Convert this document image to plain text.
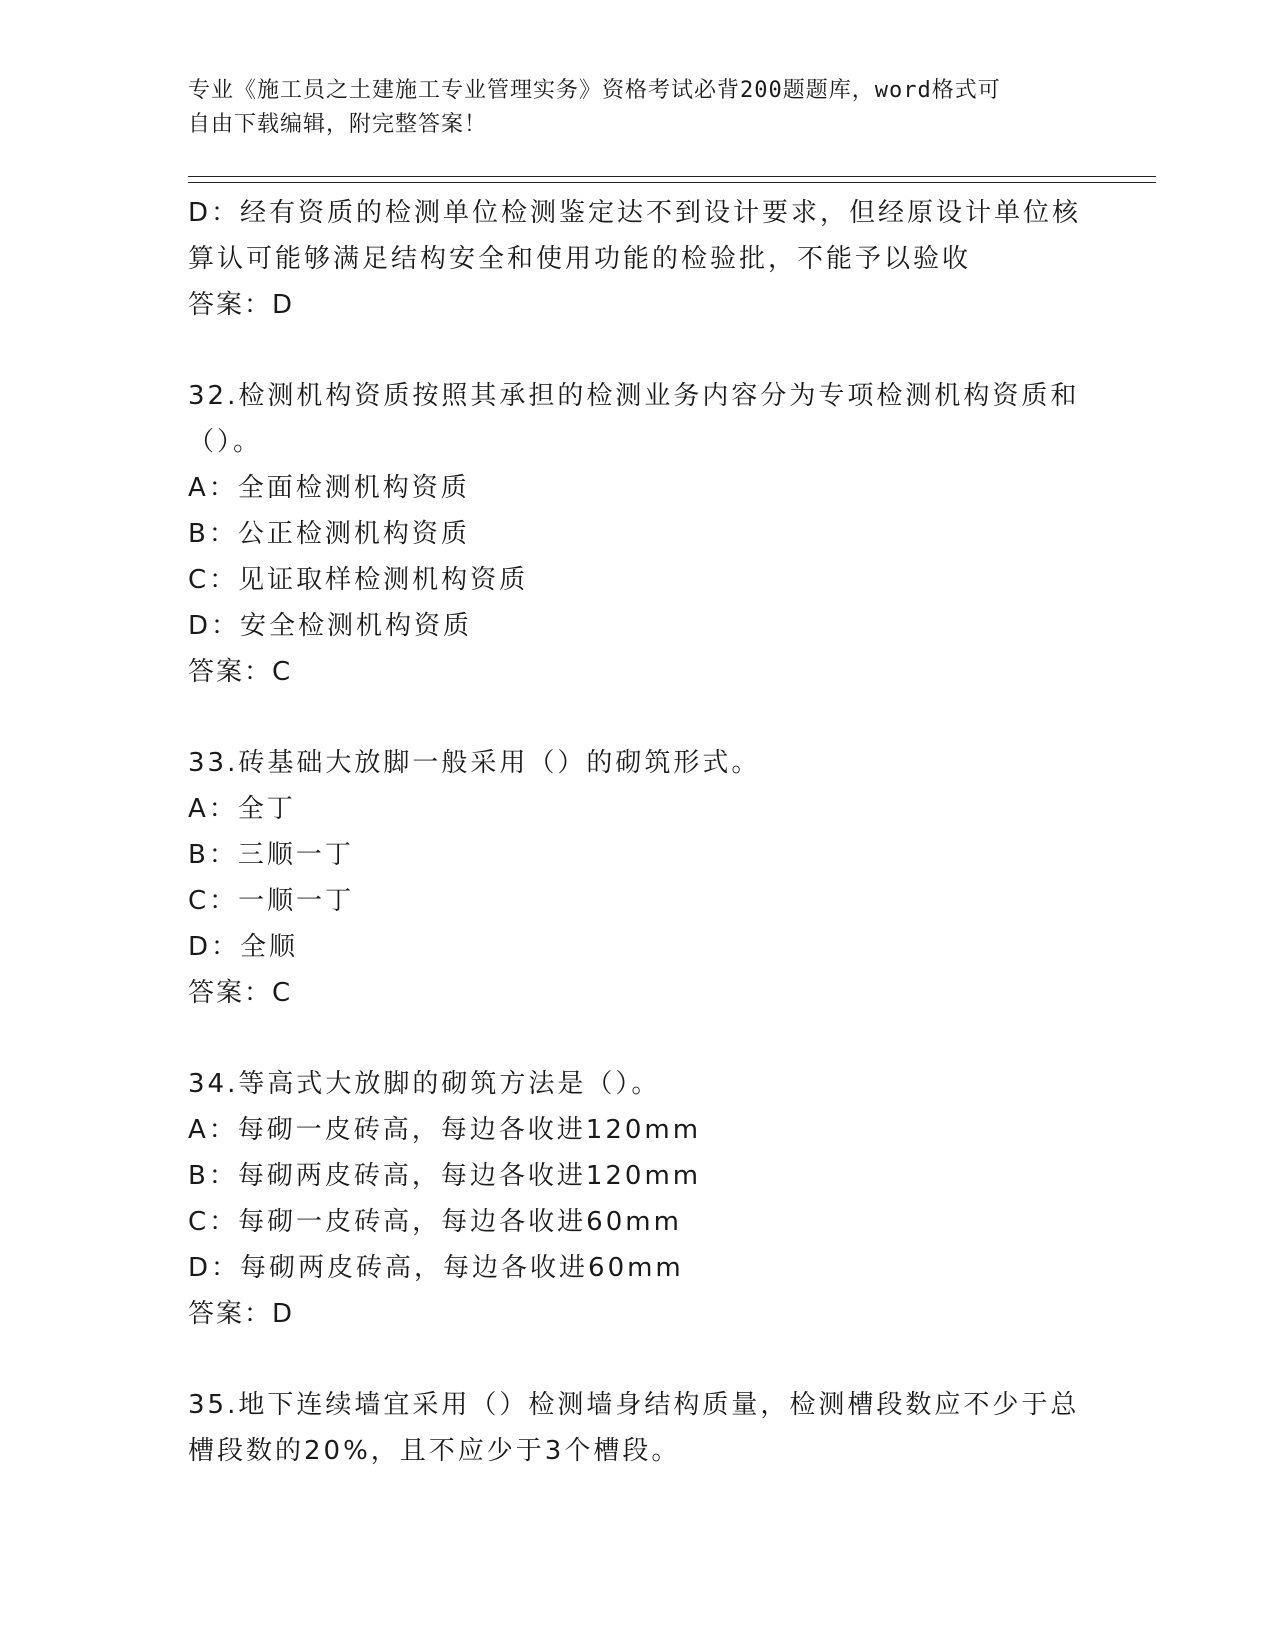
专业《施工员之土建施工专业管理实务》资格考试必背200题题库，word格式可
自由下载编辑，附完整答案！
D：经有资质的检测单位检测鉴定达不到设计要求，但经原设计单位核
算认可能够满足结构安全和使用功能的检验批，不能予以验收
答案：D
32.检测机构资质按照其承担的检测业务内容分为专项检测机构资质和
（）。
A：全面检测机构资质
B：公正检测机构资质
C：见证取样检测机构资质
D：安全检测机构资质
答案：C
33.砖基础大放脚一般采用（）的砌筑形式。
A：全丁
B：三顺一丁
C：一顺一丁
D：全顺
答案：C
34.等高式大放脚的砌筑方法是（）。
A：每砌一皮砖高，每边各收进120mm
B：每砌两皮砖高，每边各收进120mm
C：每砌一皮砖高，每边各收进60mm
D：每砌两皮砖高，每边各收进60mm
答案：D
35.地下连续墙宜采用（）检测墙身结构质量，检测槽段数应不少于总
槽段数的20%，且不应少于3个槽段。
